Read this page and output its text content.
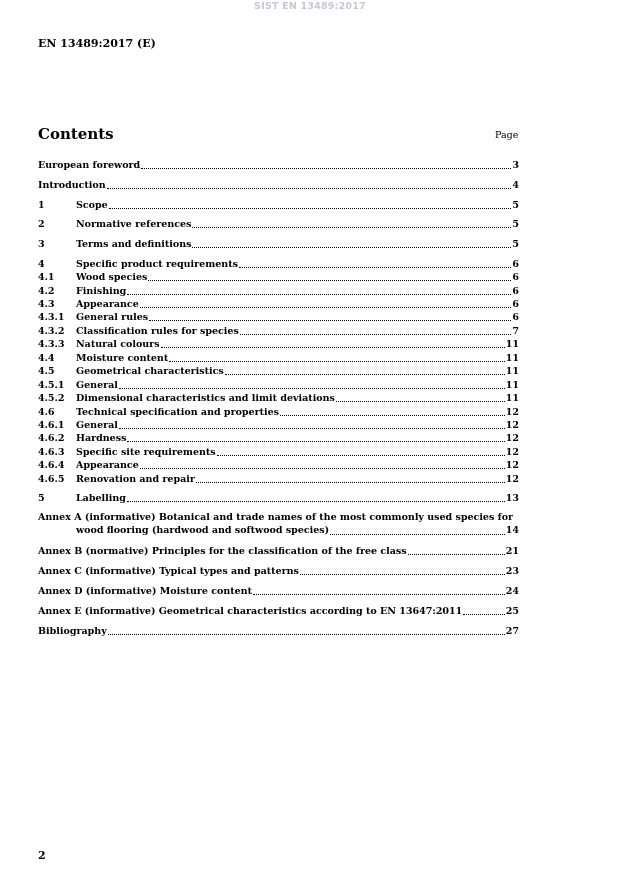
SIST EN 13489:2017
EN 13489:2017 (E)
Contents	Page
European foreword	3
Introduction	4
1	Scope	5
2	Normative references	5
3	Terms and definitions	5
4	Specific product requirements	6
4.1	Wood species	6
4.2	Finishing	6
4.3	Appearance	6
4.3.1	General rules	6
4.3.2	Classification rules for species	7
4.3.3	Natural colours	11
4.4	Moisture content	11
4.5	Geometrical characteristics	11
4.5.1	General	11
4.5.2	Dimensional characteristics and limit deviations	11
4.6	Technical specification and properties	12
4.6.1	General	12
4.6.2	Hardness	12
4.6.3	Specific site requirements	12
4.6.4	Appearance	12
4.6.5	Renovation and repair	12
5	Labelling	13
Annex A (informative) Botanical and trade names of the most commonly used species for
wood flooring (hardwood and softwood species)	14
Annex B (normative) Principles for the classification of the free class	21
Annex C (informative) Typical types and patterns	23
Annex D (informative) Moisture content	24
Annex E (informative) Geometrical characteristics according to EN 13647:2011	25
Bibliography	27
2
